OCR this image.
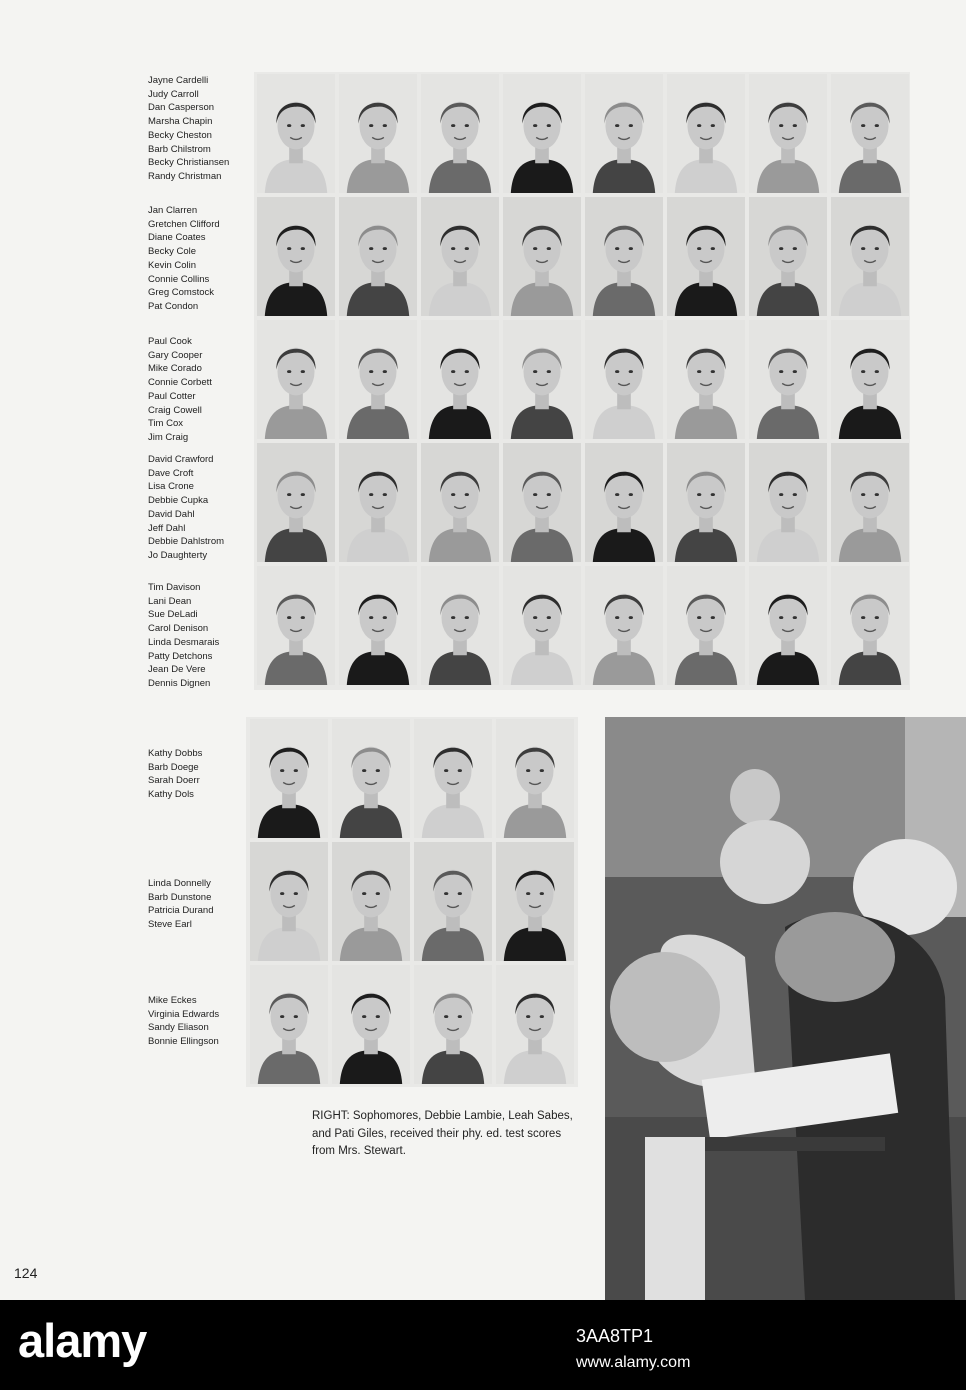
Jayne Cardelli
Judy Carroll
Dan Casperson
Marsha Chapin
Becky Cheston
Barb Chilstrom
Becky Christiansen
Randy Christman
Jan Clarren
Gretchen Clifford
Diane Coates
Becky Cole
Kevin Colin
Connie Collins
Greg Comstock
Pat Condon
Paul Cook
Gary Cooper
Mike Corado
Connie Corbett
Paul Cotter
Craig Cowell
Tim Cox
Jim Craig
David Crawford
Dave Croft
Lisa Crone
Debbie Cupka
David Dahl
Jeff Dahl
Debbie Dahlstrom
Jo Daughterty
Tim Davison
Lani Dean
Sue DeLadi
Carol Denison
Linda Desmarais
Patty Detchons
Jean De Vere
Dennis Dignen
Kathy Dobbs
Barb Doege
Sarah Doerr
Kathy Dols
Linda Donnelly
Barb Dunstone
Patricia Durand
Steve Earl
Mike Eckes
Virginia Edwards
Sandy Eliason
Bonnie Ellingson
RIGHT: Sophomores, Debbie Lambie, Leah Sabes, and Pati Giles, received their phy. ed. test scores from Mrs. Stewart.
124
alamy	3AA8TP1
www.alamy.com
